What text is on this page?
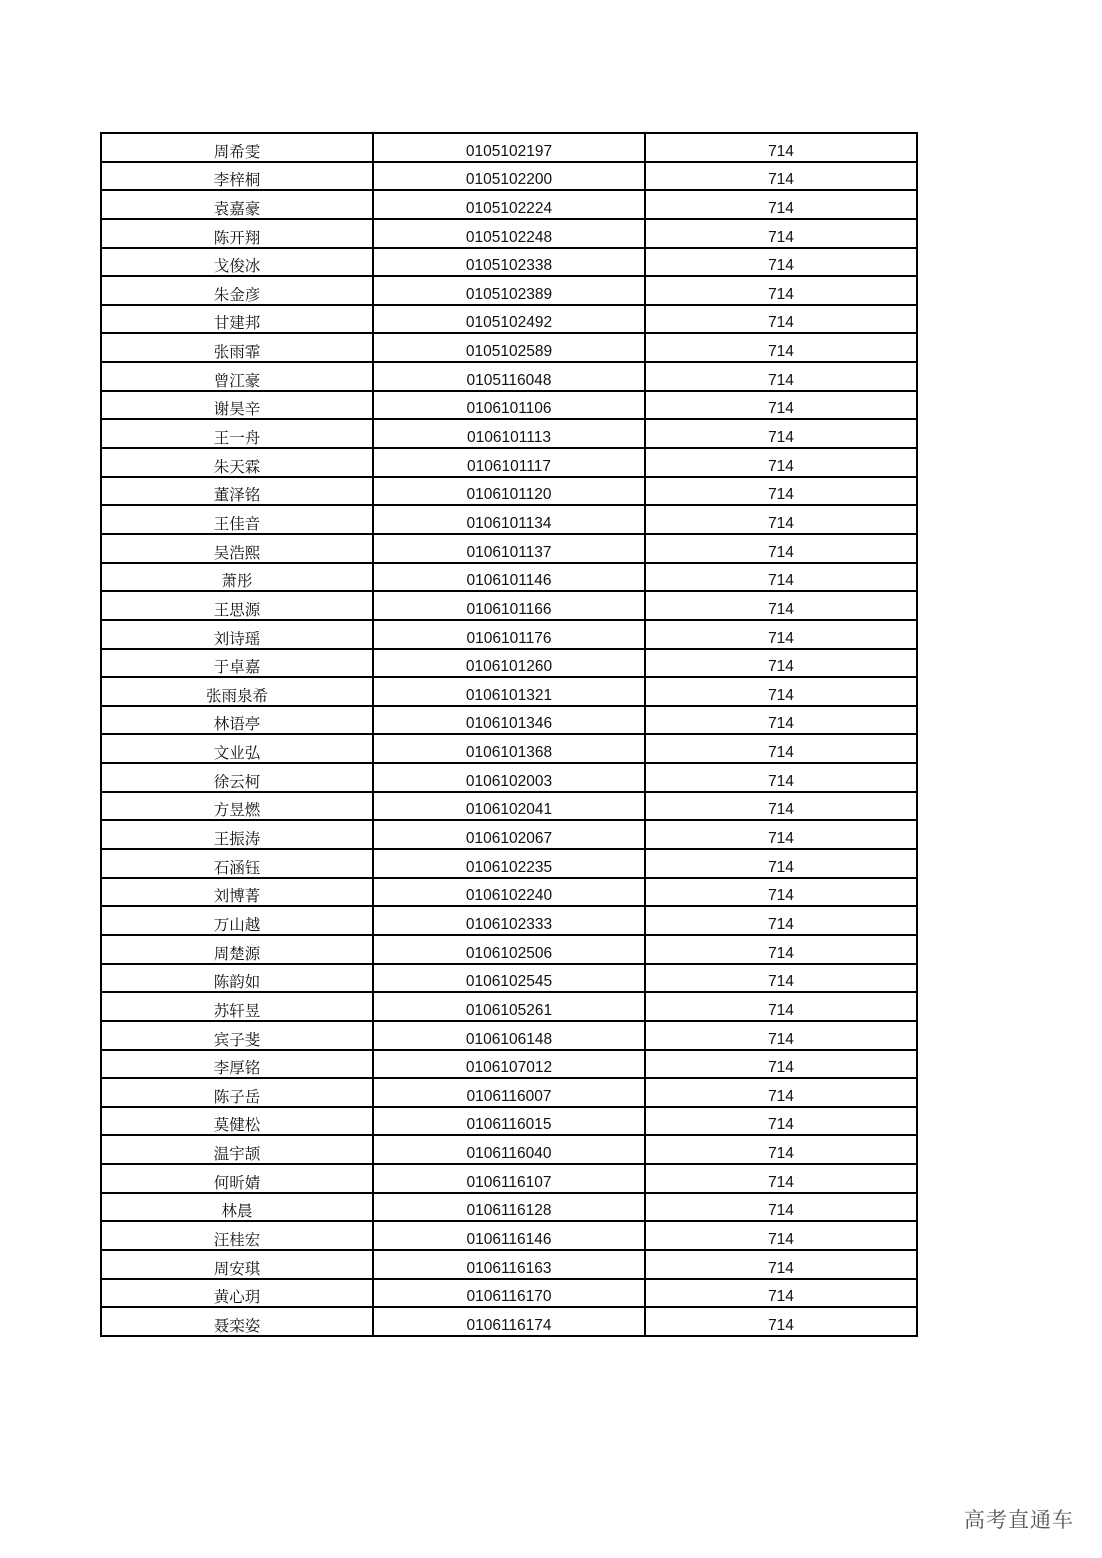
周希雯	0105102197	714
李梓桐	0105102200	714
袁嘉豪	0105102224	714
陈开翔	0105102248	714
戈俊冰	0105102338	714
朱金彦	0105102389	714
甘建邦	0105102492	714
张雨霏	0105102589	714
曾江豪	0105116048	714
谢昊辛	0106101106	714
王一舟	0106101113	714
朱天霖	0106101117	714
董泽铭	0106101120	714
王佳音	0106101134	714
吴浩熙	0106101137	714
萧彤	0106101146	714
王思源	0106101166	714
刘诗瑶	0106101176	714
于卓嘉	0106101260	714
张雨泉希	0106101321	714
林语亭	0106101346	714
文业弘	0106101368	714
徐云柯	0106102003	714
方昱燃	0106102041	714
王振涛	0106102067	714
石涵钰	0106102235	714
刘博菁	0106102240	714
万山越	0106102333	714
周楚源	0106102506	714
陈韵如	0106102545	714
苏轩昱	0106105261	714
宾子斐	0106106148	714
李厚铭	0106107012	714
陈子岳	0106116007	714
莫健松	0106116015	714
温宇颉	0106116040	714
何昕婧	0106116107	714
林晨	0106116128	714
汪桂宏	0106116146	714
周安琪	0106116163	714
黄心玥	0106116170	714
聂栾姿	0106116174	714
高考直通车
